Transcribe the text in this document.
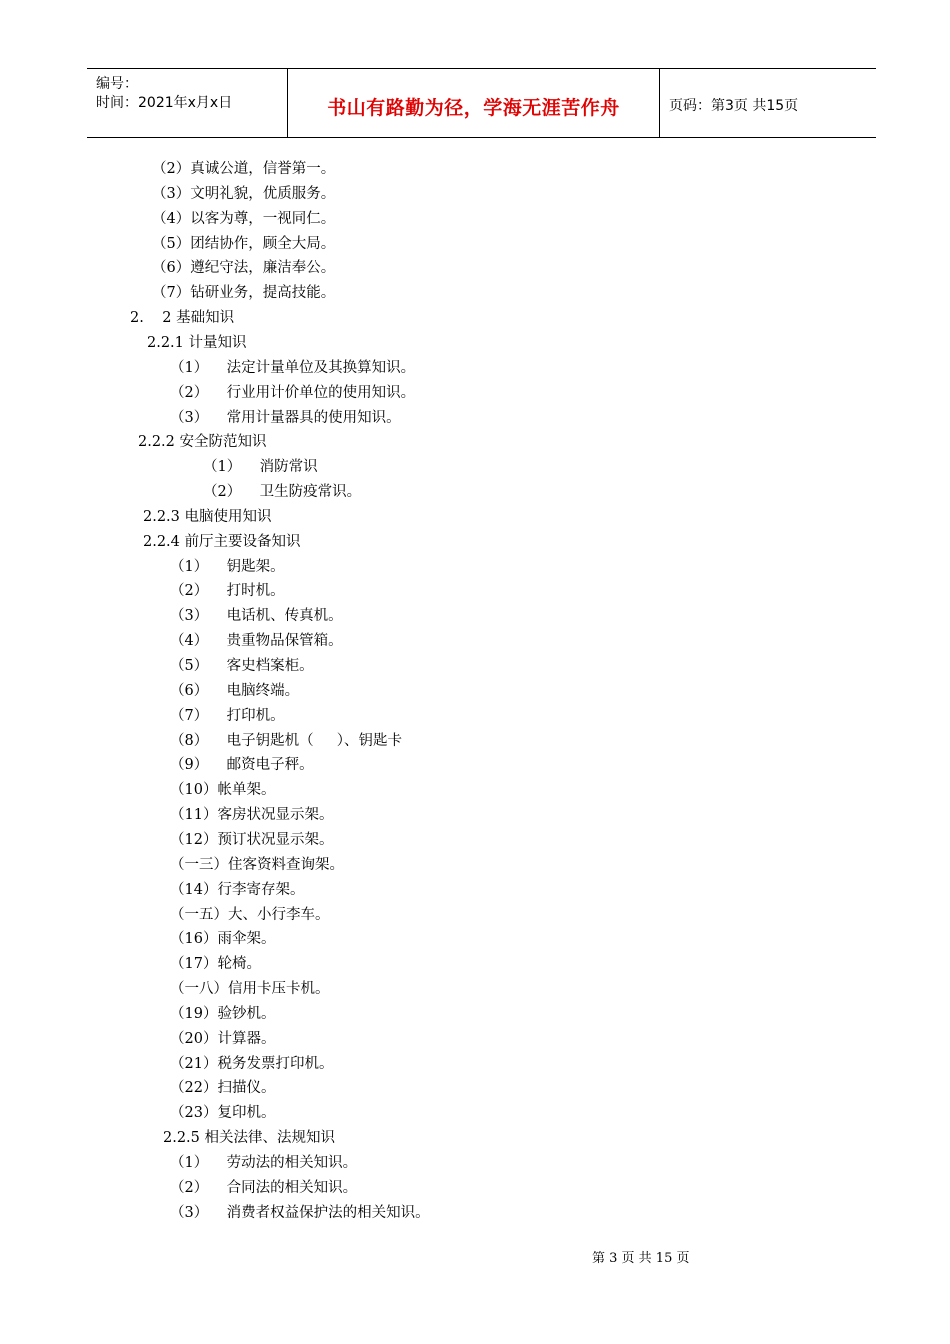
编号：
时间：2021年x月x日	书山有路勤为径，学海无涯苦作舟	页码：第3页 共15页
（2）真诚公道，信誉第一。
（3）文明礼貌，优质服务。
（4）以客为尊，一视同仁。
（5）团结协作，顾全大局。
（6）遵纪守法，廉洁奉公。
（7）钻研业务，提高技能。
2.    2 基础知识
2.2.1 计量知识
（1）    法定计量单位及其换算知识。
（2）    行业用计价单位的使用知识。
（3）    常用计量器具的使用知识。
2.2.2 安全防范知识
（1）    消防常识
（2）    卫生防疫常识。
2.2.3 电脑使用知识
2.2.4 前厅主要设备知识
（1）    钥匙架。
（2）    打时机。
（3）    电话机、传真机。
（4）    贵重物品保管箱。
（5）    客史档案柜。
（6）    电脑终端。
（7）    打印机。
（8）    电子钥匙机（     ）、钥匙卡
（9）    邮资电子秤。
（10）帐单架。
（11）客房状况显示架。
（12）预订状况显示架。
（一三）住客资料查询架。
（14）行李寄存架。
（一五）大、小行李车。
（16）雨伞架。
（17）轮椅。
（一八）信用卡压卡机。
（19）验钞机。
（20）计算器。
（21）税务发票打印机。
（22）扫描仪。
（23）复印机。
2.2.5 相关法律、法规知识
（1）    劳动法的相关知识。
（2）    合同法的相关知识。
（3）    消费者权益保护法的相关知识。
第 3 页 共 15 页
